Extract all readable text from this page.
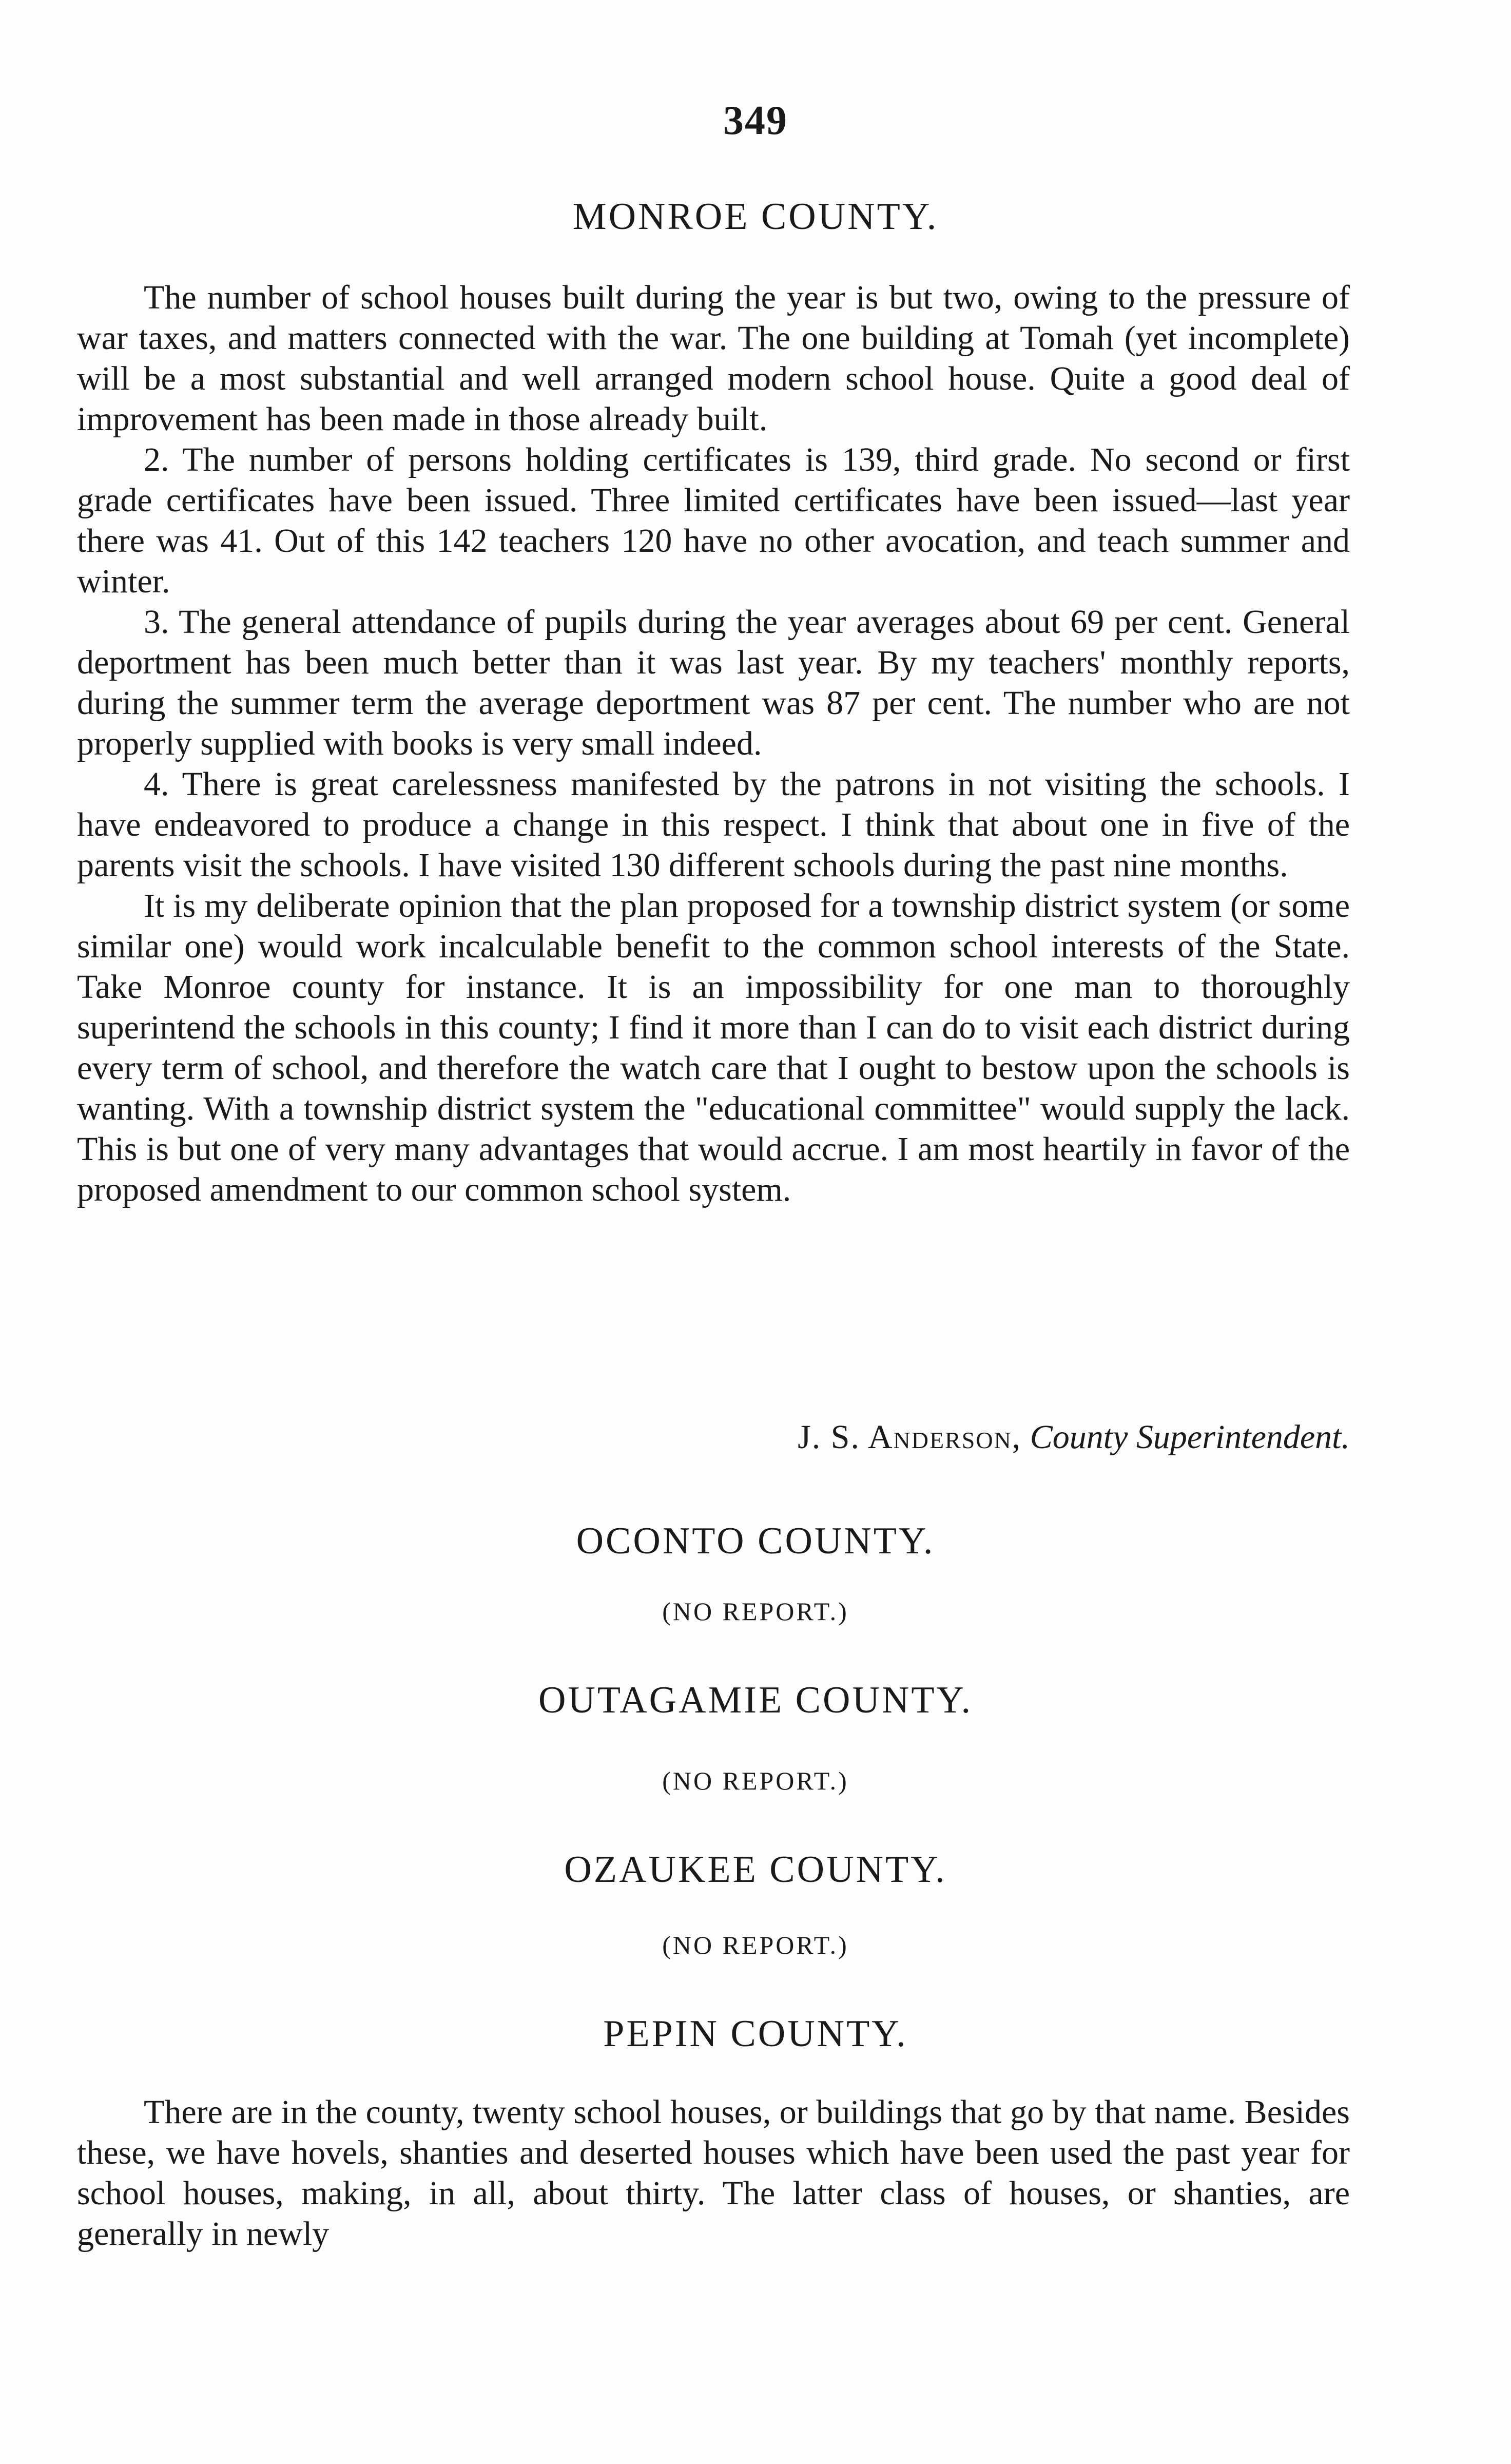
349
MONROE COUNTY.

The number of school houses built during the year is but two, owing to the pressure of war taxes, and matters connected with the war. The one building at Tomah (yet incomplete) will be a most substantial and well arranged modern school house. Quite a good deal of improvement has been made in those already built.

2. The number of persons holding certificates is 139, third grade. No second or first grade certificates have been issued. Three limited certificates have been issued—last year there was 41. Out of this 142 teachers 120 have no other avocation, and teach summer and winter.

3. The general attendance of pupils during the year averages about 69 per cent. General deportment has been much better than it was last year. By my teachers' monthly reports, during the summer term the average deportment was 87 per cent. The number who are not properly supplied with books is very small indeed.

4. There is great carelessness manifested by the patrons in not visiting the schools. I have endeavored to produce a change in this respect. I think that about one in five of the parents visit the schools. I have visited 130 different schools during the past nine months.

It is my deliberate opinion that the plan proposed for a township district system (or some similar one) would work incalculable benefit to the common school interests of the State. Take Monroe county for instance. It is an impossibility for one man to thoroughly superintend the schools in this county; I find it more than I can do to visit each district during every term of school, and therefore the watch care that I ought to bestow upon the schools is wanting. With a township district system the "educational committee" would supply the lack. This is but one of very many advantages that would accrue. I am most heartily in favor of the proposed amendment to our common school system.

J. S. Anderson, County Superintendent.
OCONTO COUNTY.
(NO REPORT.)
OUTAGAMIE COUNTY.
(NO REPORT.)
OZAUKEE COUNTY.
(NO REPORT.)
PEPIN COUNTY.

There are in the county, twenty school houses, or buildings that go by that name. Besides these, we have hovels, shanties and deserted houses which have been used the past year for school houses, making, in all, about thirty. The latter class of houses, or shanties, are generally in newly
